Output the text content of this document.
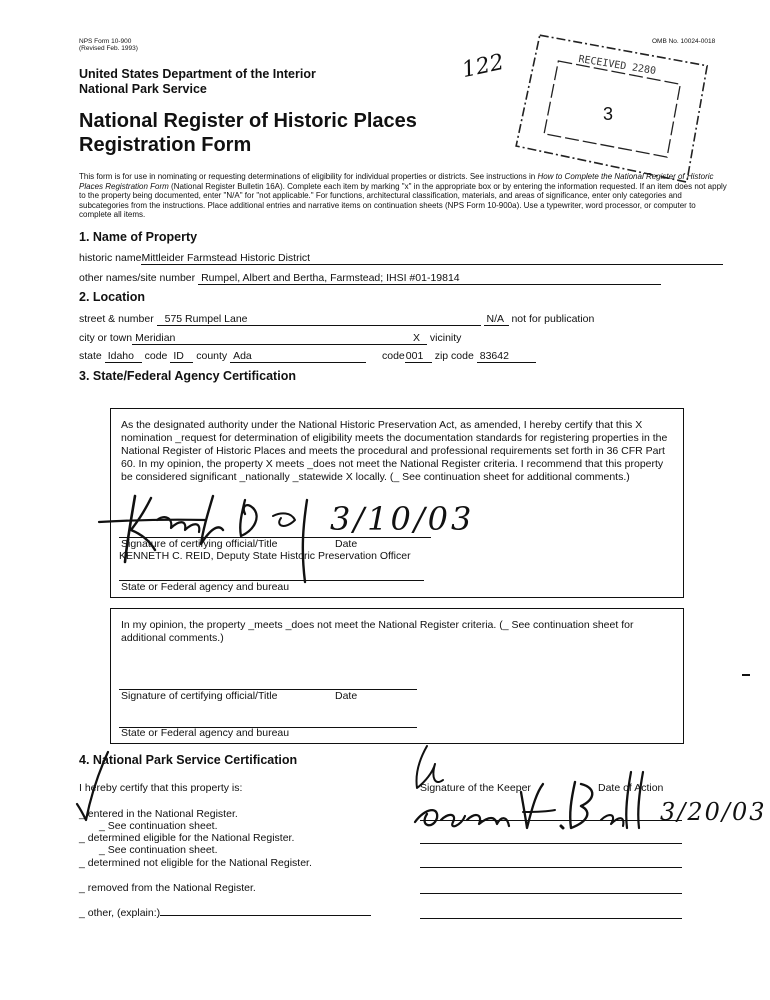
NPS Form 10-900
(Revised Feb. 1993)
OMB No. 10024-0018
United States Department of the Interior
National Park Service
National Register of Historic Places
Registration Form
This form is for use in nominating or requesting determinations of eligibility for individual properties or districts. See instructions in How to Complete the National Register of Historic Places Registration Form (National Register Bulletin 16A). Complete each item by marking "x" in the appropriate box or by entering the information requested. If an item does not apply to the property being documented, enter "N/A" for "not applicable." For functions, architectural classification, materials, and areas of significance, enter only categories and subcategories from the instructions. Place additional entries and narrative items on continuation sheets (NPS Form 10-900a). Use a typewriter, word processor, or computer to complete all items.
122	RECEIVED 2280
3
1. Name of Property
historic nameMittleider Farmstead Historic District
other names/site number Rumpel, Albert and Bertha, Farmstead; IHSI #01-19814
2. Location
street & number 575 Rumpel Lane	N/A not for publication
city or town Meridian	X vicinity
state Idaho code ID county Ada	code001 zip code 83642
3. State/Federal Agency Certification
As the designated authority under the National Historic Preservation Act, as amended, I hereby certify that this X nomination _request for determination of eligibility meets the documentation standards for registering properties in the National Register of Historic Places and meets the procedural and professional requirements set forth in 36 CFR Part 60. In my opinion, the property X meets _does not meet the National Register criteria. I recommend that this property be considered significant _nationally _statewide X locally. (_ See continuation sheet for additional comments.)
Signature of certifying official/Title	Date
KENNETH C. REID, Deputy State Historic Preservation Officer
State or Federal agency and bureau
3/10/03
In my opinion, the property _meets _does not meet the National Register criteria. (_ See continuation sheet for additional comments.)
Signature of certifying official/Title	Date
State or Federal agency and bureau
4. National Park Service Certification
I hereby certify that this property is:	Signature of the Keeper	Date of Action
_ entered in the National Register.
_ See continuation sheet.
_ determined eligible for the National Register.
_ See continuation sheet.
_ determined not eligible for the National Register.
_ removed from the National Register.
_ other, (explain:)
3/20/03
